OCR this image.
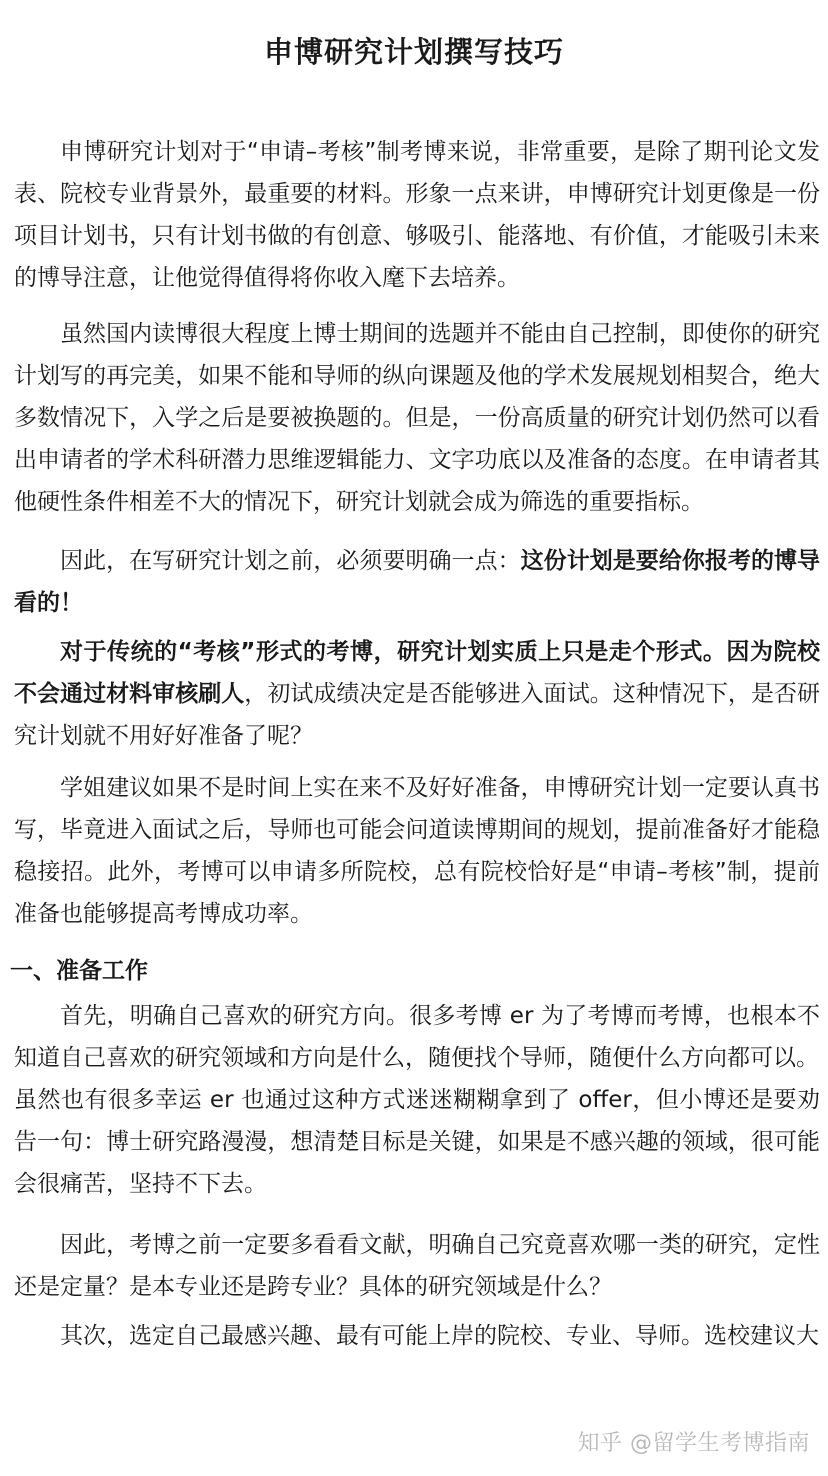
申博研究计划撰写技巧

申博研究计划对于“申请–考核”制考博来说，非常重要，是除了期刊论文发表、院校专业背景外，最重要的材料。形象一点来讲，申博研究计划更像是一份项目计划书，只有计划书做的有创意、够吸引、能落地、有价值，才能吸引未来的博导注意，让他觉得值得将你收入麾下去培养。

虽然国内读博很大程度上博士期间的选题并不能由自己控制，即使你的研究计划写的再完美，如果不能和导师的纵向课题及他的学术发展规划相契合，绝大多数情况下，入学之后是要被换题的。但是，一份高质量的研究计划仍然可以看出申请者的学术科研潜力思维逻辑能力、文字功底以及准备的态度。在申请者其他硬性条件相差不大的情况下，研究计划就会成为筛选的重要指标。

因此，在写研究计划之前，必须要明确一点：这份计划是要给你报考的博导看的！

对于传统的“考核”形式的考博，研究计划实质上只是走个形式。因为院校不会通过材料审核刷人，初试成绩决定是否能够进入面试。这种情况下，是否研究计划就不用好好准备了呢？

学姐建议如果不是时间上实在来不及好好准备，申博研究计划一定要认真书写，毕竟进入面试之后，导师也可能会问道读博期间的规划，提前准备好才能稳稳接招。此外，考博可以申请多所院校，总有院校恰好是“申请–考核”制，提前准备也能够提高考博成功率。

一、准备工作

首先，明确自己喜欢的研究方向。很多考博 er 为了考博而考博，也根本不知道自己喜欢的研究领域和方向是什么，随便找个导师，随便什么方向都可以。

虽然也有很多幸运 er 也通过这种方式迷迷糊糊拿到了 offer，但小博还是要劝告一句：博士研究路漫漫，想清楚目标是关键，如果是不感兴趣的领域，很可能会很痛苦，坚持不下去。

因此，考博之前一定要多看看文献，明确自己究竟喜欢哪一类的研究，定性还是定量？是本专业还是跨专业？具体的研究领域是什么？

其次，选定自己最感兴趣、最有可能上岸的院校、专业、导师。选校建议大

知乎 @留学生考博指南
